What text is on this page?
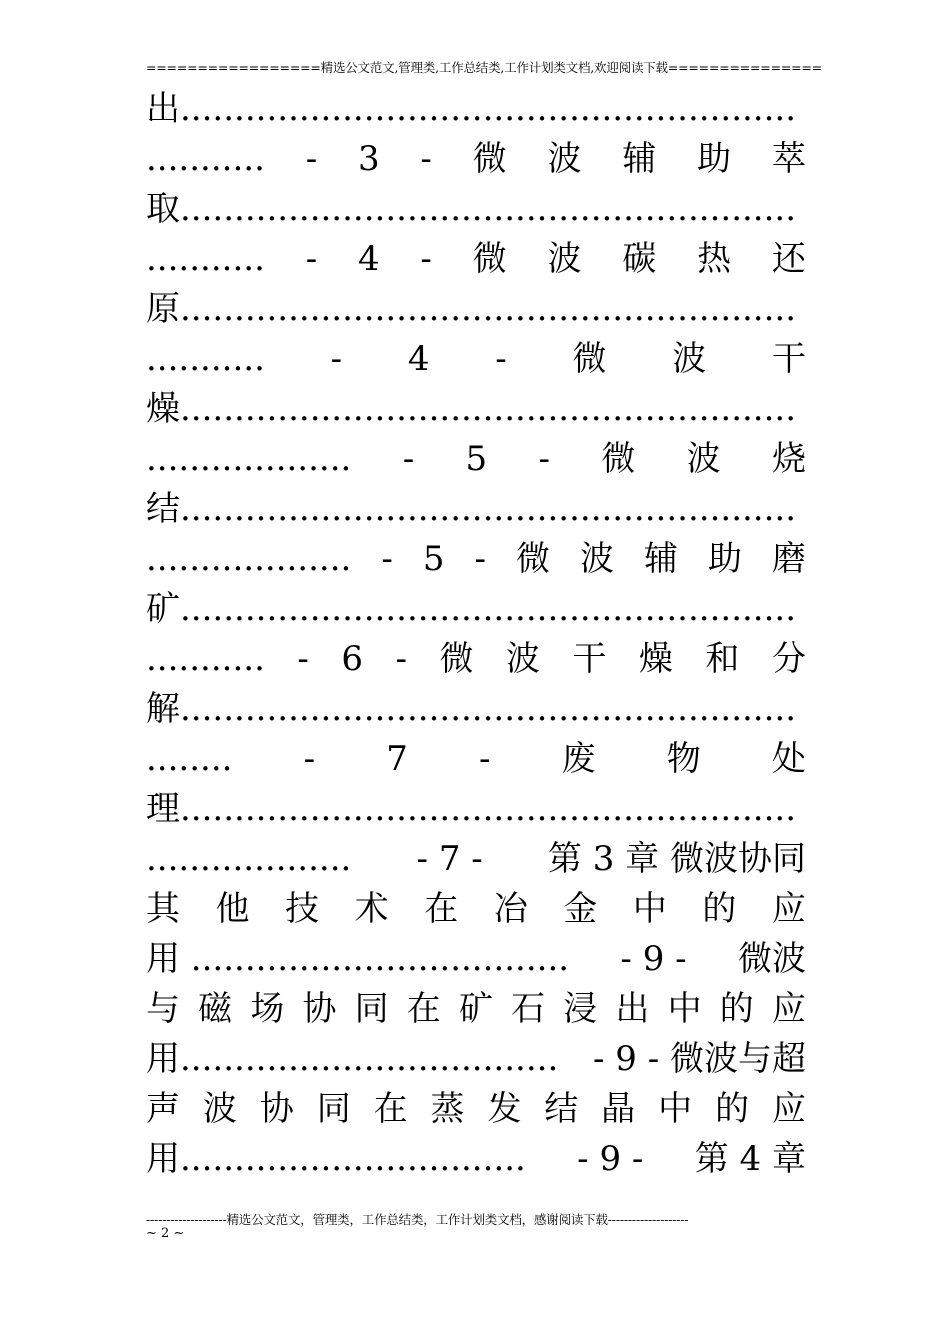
=================精选公文范文,管理类,工作总结类,工作计划类文档,欢迎阅读下载===============
出.........................................................
........... - 3 - 微 波 辅 助 萃
取.........................................................
........... - 4 - 微 波 碳 热 还
原.........................................................
........... - 4 - 微 波 干
燥.........................................................
................... - 5 - 微 波 烧
结.........................................................
................... - 5 - 微 波 辅 助 磨
矿.........................................................
........... - 6 - 微 波 干 燥 和 分
解.........................................................
........ - 7 - 废 物 处
理.........................................................
................... - 7 - 第 3 章 微波协同
其 他 技 术 在 冶 金 中 的 应
用 ................................... - 9 - 微波
与 磁 场 协 同 在 矿 石 浸 出 中 的 应
用................................... - 9 - 微波与超
声 波 协 同 在 蒸 发 结 晶 中 的 应
用................................ - 9 - 第 4 章
--------------------精选公文范文，管理类，工作总结类，工作计划类文档，感谢阅读下载--------------------
~ 2 ~
